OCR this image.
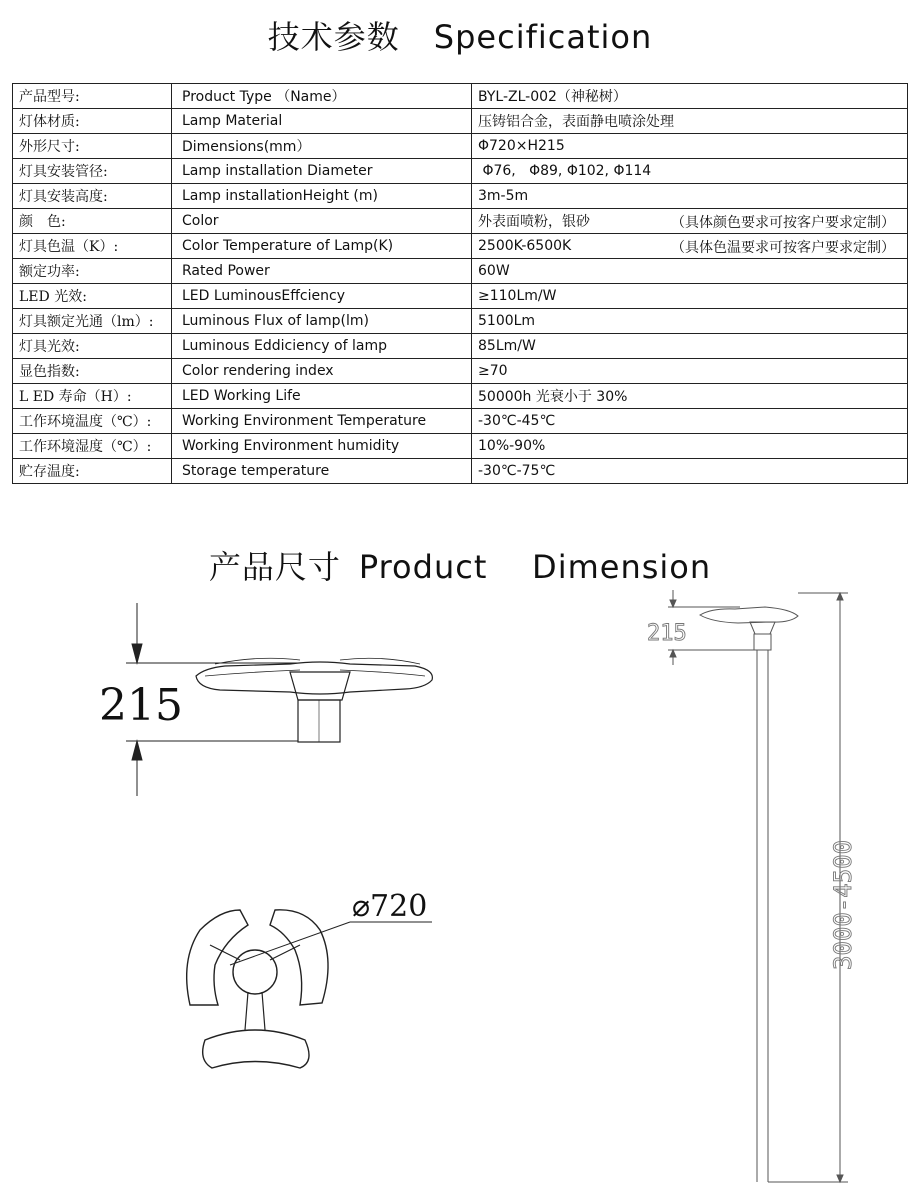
技术参数 Specification
产品型号:	Product Type （Name）	BYL-ZL-002（神秘树）
灯体材质:	Lamp Material	压铸铝合金，表面静电喷涂处理
外形尺寸:	Dimensions(mm）	Φ720×H215
灯具安装管径:	Lamp installation Diameter	Φ76,   Φ89, Φ102, Φ114
灯具安装高度:	Lamp installationHeight (m)	3m-5m
颜　色:	Color	外表面喷粉，银砂 （具体颜色要求可按客户要求定制）

灯具色温（K）:	Color Temperature of Lamp(K)	2500K-6500K （具体色温要求可按客户要求定制）

额定功率:	Rated Power	60W
LED 光效:	LED LuminousEffciency	≥110Lm/W
灯具额定光通（lm）:	Luminous Flux of lamp(lm)	5100Lm
灯具光效:	Luminous Eddiciency of lamp	85Lm/W
显色指数:	Color rendering index	≥70
L ED 寿命（H）:	LED Working Life	50000h 光衰小于 30%
工作环境温度（℃）:	Working Environment Temperature	-30℃-45℃
工作环境湿度（℃）:	Working Environment humidity	10%-90%
贮存温度:	Storage temperature	-30℃-75℃
产品尺寸 Product    Dimension
215
⌀720
215
3000-4500
